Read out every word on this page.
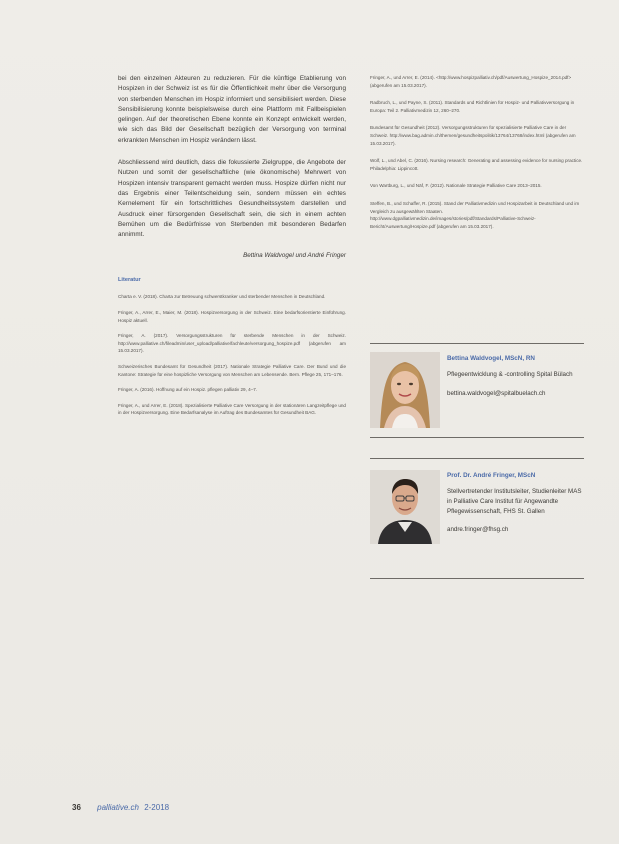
bei den einzelnen Akteuren zu reduzieren. Für die künftige Etablierung von Hospizen in der Schweiz ist es für die Öffentlichkeit mehr über die Versorgung von sterbenden Menschen im Hospiz informiert und sensibilisiert werden. Diese Sensibilisierung konnte beispielsweise durch eine Plattform mit Fallbeispielen gelingen. Auf der theoretischen Ebene konnte ein Konzept entwickelt werden, wie sich das Bild der Gesellschaft bezüglich der Versorgung von terminal erkrankten Menschen im Hospiz verändern lässt.

Abschliessend wird deutlich, dass die fokussierte Zielgruppe, die Angebote der Nutzen und somit der gesellschaftliche (wie ökonomische) Mehrwert von Hospizen intensiv transparent gemacht werden muss. Hospize dürfen nicht nur das Ergebnis einer Teilentscheidung sein, sondern müssen ein echtes Kernelement für ein fortschrittliches Gesundheitssystem darstellen und Ausdruck einer fürsorgenden Gesellschaft sein, die sich in einem achten Bemühen um die Bedürfnisse von Sterbenden mit besonderen Bedarfen annimmt.

Bettina Waldvogel und André Fringer

Literatur

Charta e. V. (2018). Charta zur Betreuung schwerstkranker und sterbender Menschen in Deutschland.

Fringer, A., Arrer, E., Maier, M. (2018). Hospizversorgung in der Schweiz. Eine bedarfsorientierte Einführung. Hospiz aktuell.

Fringer, A. (2017). Versorgungsstrukturen für sterbende Menschen in der Schweiz. http://www.palliative.ch/fileadmin/user_upload/palliative/fachleute/versorgung_hospize.pdf (abgerufen am 15.03.2017).

Schweizerisches Bundesamt für Gesundheit (2017). Nationale Strategie Palliative Care. Der Bund und die Kantone: Strategie für eine hospizliche Versorgung von Menschen am Lebensende. Bern. Pflege 25, 171–176.

Fringer, A. (2016). Hoffnung auf ein Hospiz. pflegen palliativ 29, 4–7.

Fringer, A., und Arrer, E. (2018). Spezialisierte Palliative Care Versorgung in der stationären Langzeitpflege und in der Hospizversorgung. Eine Bedarfsanalyse im Auftrag des Bundesamtes für Gesundheit BAG.

Fringer, A., und Arrer, E. (2014). <http://www.hospizpalliativ.ch/pdf/Auswertung_Hospize_2014.pdf> (abgerufen am 15.03.2017).

Radbruch, L., und Payne, S. (2011). Standards und Richtlinien für Hospiz- und Palliativversorgung in Europa: Teil 2. Palliativmedizin 12, 260–270.

Bundesamt für Gesundheit (2012). Versorgungsstrukturen für spezialisierte Palliative Care in der Schweiz. http://www.bag.admin.ch/themen/gesundheitspolitik/13764/13768/index.html (abgerufen am 15.03.2017).

Wolf, L., und Abel, C. (2016). Nursing research: Generating and assessing evidence for nursing practice. Philadelphia: Lippincott.

Von Wartburg, L., und Näf, F. (2012). Nationale Strategie Palliative Care 2013–2015.

Steffen, B., und Schaffer, R. (2015). Stand der Palliativmedizin und Hospizarbeit in Deutschland und im Vergleich zu ausgewählten Staaten. http://www.dgpalliativmedizin.de/images/stories/pdf/Standards/Palliative-Schweiz-Bericht/Auswertung/Hospize.pdf (abgerufen am 15.03.2017).

Bettina Waldvogel, MScN, RN

Pflegeentwicklung & -controlling Spital Bülach

bettina.waldvogel@spitalbuelach.ch

Prof. Dr. André Fringer, MScN

Stellvertretender Institutsleiter, Studienleiter MAS in Palliative Care Institut für Angewandte Pflegewissenschaft, FHS St. Gallen

andre.fringer@fhsg.ch

36 palliative.ch 2-2018
